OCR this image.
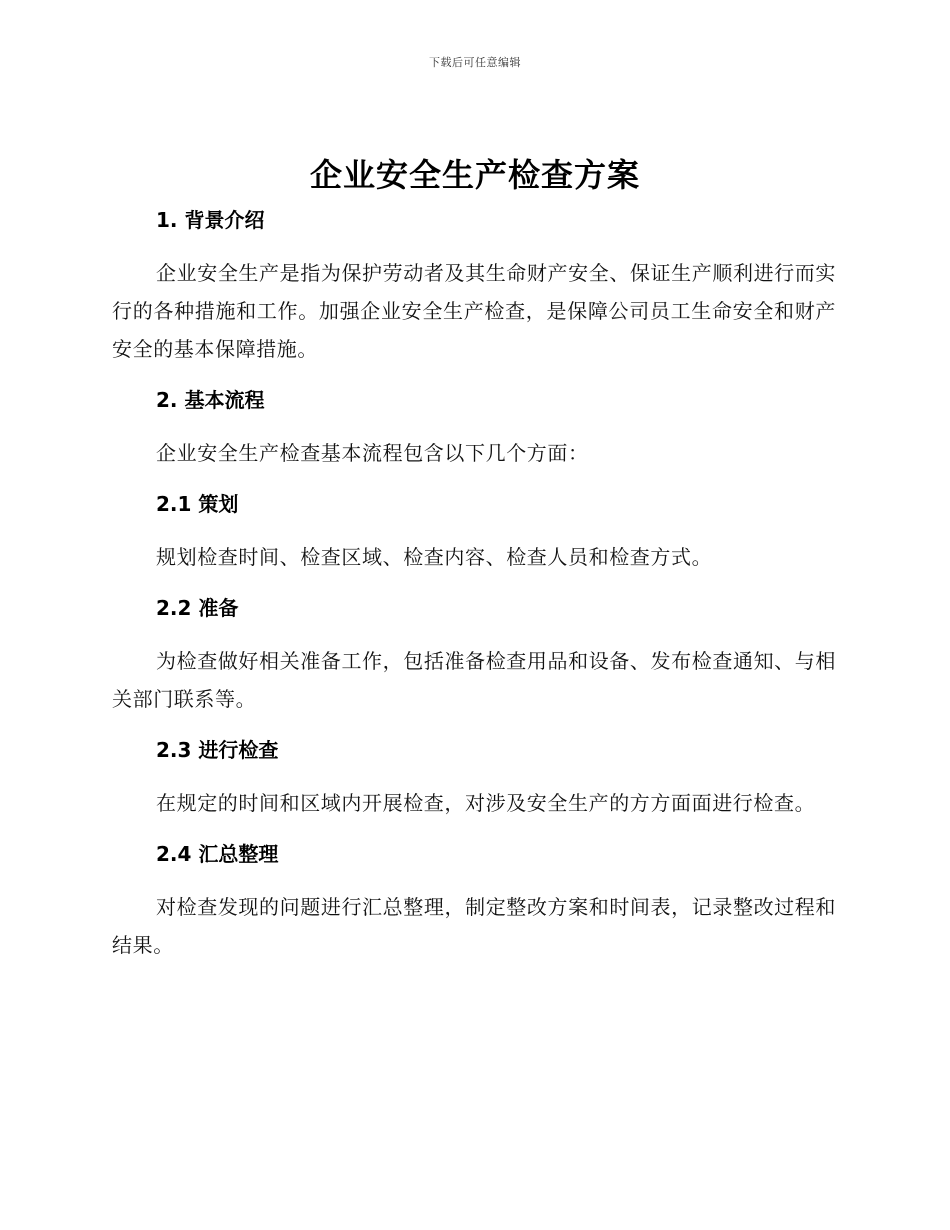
下载后可任意编辑
企业安全生产检查方案
1. 背景介绍

企业安全生产是指为保护劳动者及其生命财产安全、保证生产顺利进行而实行的各种措施和工作。加强企业安全生产检查，是保障公司员工生命安全和财产安全的基本保障措施。

2. 基本流程

企业安全生产检查基本流程包含以下几个方面：

2.1 策划

规划检查时间、检查区域、检查内容、检查人员和检查方式。

2.2 准备

为检查做好相关准备工作，包括准备检查用品和设备、发布检查通知、与相关部门联系等。

2.3 进行检查

在规定的时间和区域内开展检查，对涉及安全生产的方方面面进行检查。

2.4 汇总整理

对检查发现的问题进行汇总整理，制定整改方案和时间表，记录整改过程和结果。
